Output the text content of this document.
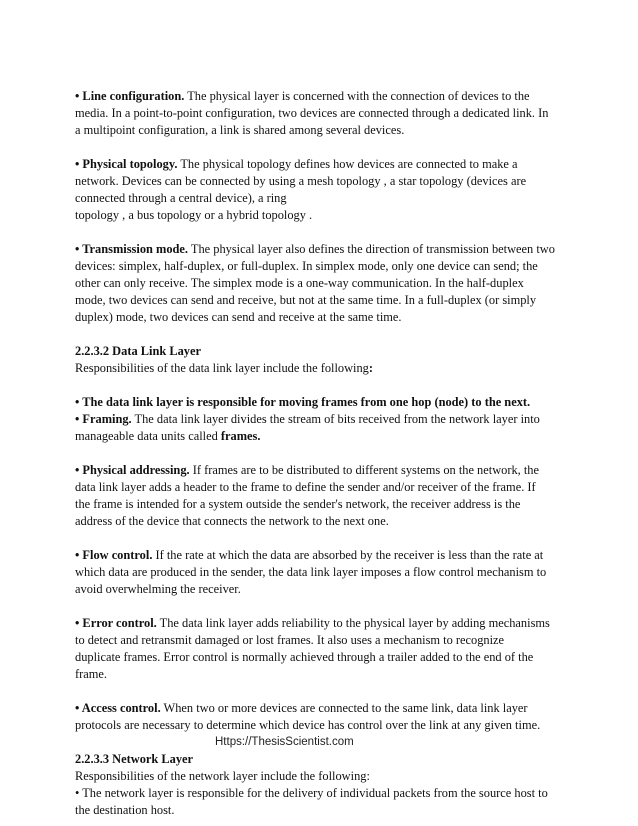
• Line configuration. The physical layer is concerned with the connection of devices to the
media. In a point-to-point configuration, two devices are connected through a dedicated link. In
a multipoint configuration, a link is shared among several devices.
• Physical topology. The physical topology defines how devices are connected to make a
network. Devices can be connected by using a mesh topology , a star topology (devices are
connected through a central device), a ring
topology , a bus topology or a hybrid topology .
• Transmission mode. The physical layer also defines the direction of transmission between two
devices: simplex, half-duplex, or full-duplex. In simplex mode, only one device can send; the
other can only receive. The simplex mode is a one-way communication. In the half-duplex
mode, two devices can send and receive, but not at the same time. In a full-duplex (or simply
duplex) mode, two devices can send and receive at the same time.
2.2.3.2 Data Link Layer
Responsibilities of the data link layer include the following:
• The data link layer is responsible for moving frames from one hop (node) to the next.
• Framing. The data link layer divides the stream of bits received from the network layer into
manageable data units called frames.
• Physical addressing. If frames are to be distributed to different systems on the network, the
data link layer adds a header to the frame to define the sender and/or receiver of the frame. If
the frame is intended for a system outside the sender's network, the receiver address is the
address of the device that connects the network to the next one.
• Flow control. If the rate at which the data are absorbed by the receiver is less than the rate at
which data are produced in the sender, the data link layer imposes a flow control mechanism to
avoid overwhelming the receiver.
• Error control. The data link layer adds reliability to the physical layer by adding mechanisms
to detect and retransmit damaged or lost frames. It also uses a mechanism to recognize
duplicate frames. Error control is normally achieved through a trailer added to the end of the
frame.
• Access control. When two or more devices are connected to the same link, data link layer
protocols are necessary to determine which device has control over the link at any given time.
2.2.3.3 Network Layer
Responsibilities of the network layer include the following:
• The network layer is responsible for the delivery of individual packets from the source host to
the destination host.
Https://ThesisScientist.com
